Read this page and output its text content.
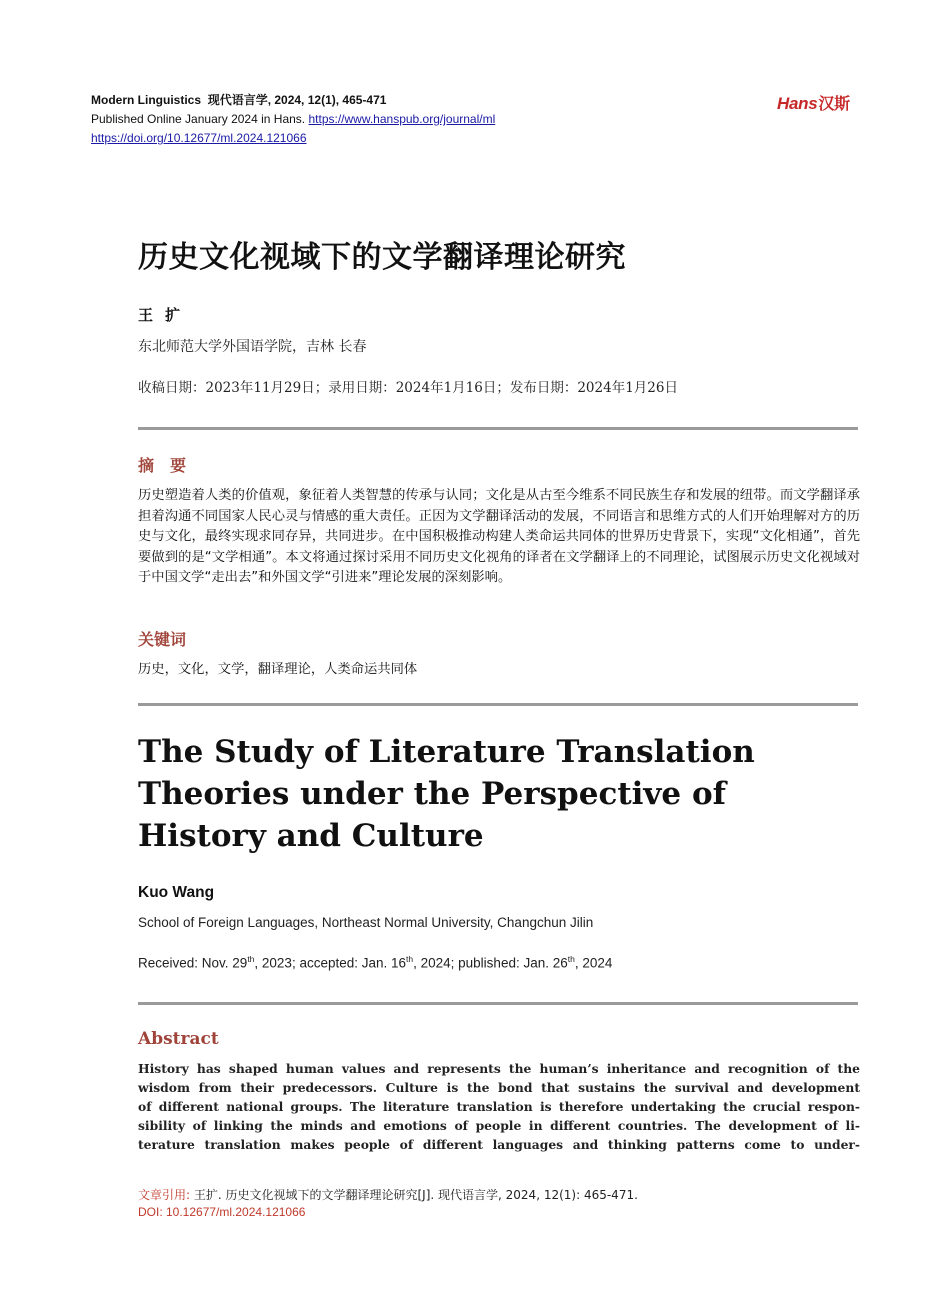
Modern Linguistics 现代语言学, 2024, 12(1), 465-471
Published Online January 2024 in Hans. https://www.hanspub.org/journal/ml
https://doi.org/10.12677/ml.2024.121066
Hans汉斯
历史文化视域下的文学翻译理论研究
王扩
东北师范大学外国语学院，吉林 长春
收稿日期：2023年11月29日；录用日期：2024年1月16日；发布日期：2024年1月26日
摘　要
历史塑造着人类的价值观，象征着人类智慧的传承与认同；文化是从古至今维系不同民族生存和发展的纽带。而文学翻译承担着沟通不同国家人民心灵与情感的重大责任。正因为文学翻译活动的发展，不同语言和思维方式的人们开始理解对方的历史与文化，最终实现求同存异，共同进步。在中国积极推动构建人类命运共同体的世界历史背景下，实现“文化相通”，首先要做到的是“文学相通”。本文将通过探讨采用不同历史文化视角的译者在文学翻译上的不同理论，试图展示历史文化视域对于中国文学“走出去”和外国文学“引进来”理论发展的深刻影响。
关键词
历史，文化，文学，翻译理论，人类命运共同体
The Study of Literature Translation
Theories under the Perspective of
History and Culture
Kuo Wang
School of Foreign Languages, Northeast Normal University, Changchun Jilin
Received: Nov. 29th, 2023; accepted: Jan. 16th, 2024; published: Jan. 26th, 2024
Abstract
History has shaped human values and represents the human’s inheritance and recognition of the
wisdom from their predecessors. Culture is the bond that sustains the survival and development
of different national groups. The literature translation is therefore undertaking the crucial respon-
sibility of linking the minds and emotions of people in different countries. The development of li-
terature translation makes people of different languages and thinking patterns come to under-
文章引用: 王扩. 历史文化视域下的文学翻译理论研究[J]. 现代语言学, 2024, 12(1): 465-471.
DOI: 10.12677/ml.2024.121066
